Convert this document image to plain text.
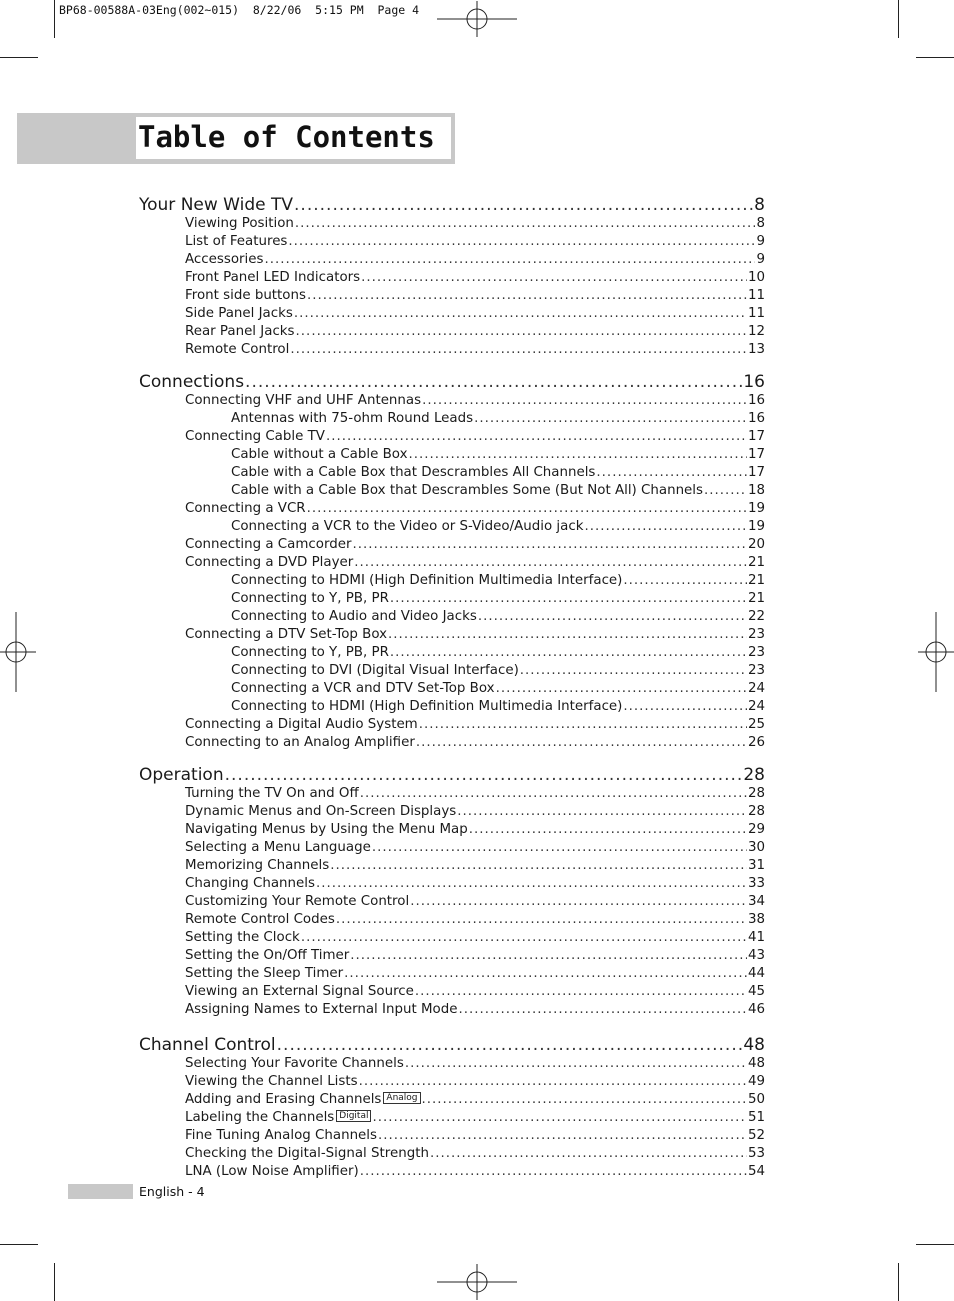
BP68-00588A-03Eng(002~015)  8/22/06  5:15 PM  Page 4
Table of Contents
Your New Wide TV .....	8
Viewing Position .....	8
List of Features .....	9
Accessories .....	9
Front Panel LED Indicators .....	10
Front side buttons .....	11
Side Panel Jacks .....	11
Rear Panel Jacks .....	12
Remote Control .....	13
Connections .....	16
Connecting VHF and UHF Antennas .....	16
Antennas with 75-ohm Round Leads .....	16
Connecting Cable TV .....	17
Cable without a Cable Box .....	17
Cable with a Cable Box that Descrambles All Channels .....	17
Cable with a Cable Box that Descrambles Some (But Not All) Channels .....	18
Connecting a VCR .....	19
Connecting a VCR to the Video or S-Video/Audio jack .....	19
Connecting a Camcorder .....	20
Connecting a DVD Player .....	21
Connecting to HDMI (High Definition Multimedia Interface) .....	21
Connecting to Y, PB, PR .....	21
Connecting to Audio and Video Jacks .....	22
Connecting a DTV Set-Top Box .....	23
Connecting to Y, PB, PR .....	23
Connecting to DVI (Digital Visual Interface) .....	23
Connecting a VCR and DTV Set-Top Box .....	24
Connecting to HDMI (High Definition Multimedia Interface) .....	24
Connecting a Digital Audio System .....	25
Connecting to an Analog Amplifier .....	26
Operation .....	28
Turning the TV On and Off .....	28
Dynamic Menus and On-Screen Displays .....	28
Navigating Menus by Using the Menu Map .....	29
Selecting a Menu Language .....	30
Memorizing Channels .....	31
Changing Channels .....	33
Customizing Your Remote Control .....	34
Remote Control Codes .....	38
Setting the Clock .....	41
Setting the On/Off Timer .....	43
Setting the Sleep Timer .....	44
Viewing an External Signal Source .....	45
Assigning Names to External Input Mode .....	46
Channel Control .....	48
Selecting Your Favorite Channels .....	48
Viewing the Channel Lists .....	49
Adding and Erasing Channels Analog .....	50
Labeling the Channels Digital .....	51
Fine Tuning Analog Channels .....	52
Checking the Digital-Signal Strength .....	53
LNA (Low Noise Amplifier) .....	54
English - 4
